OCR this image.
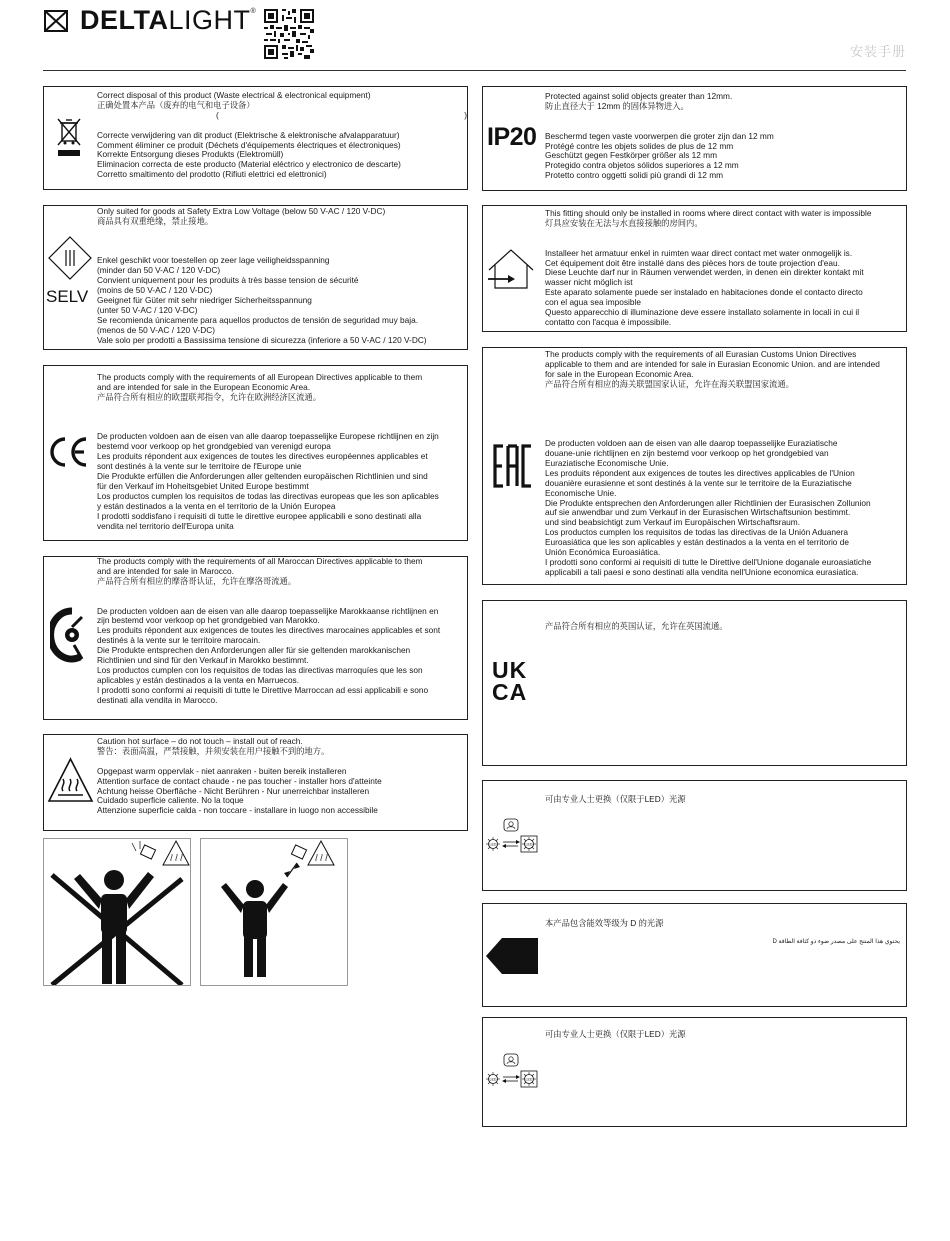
DELTALIGHT®
安装手册

Correct disposal of this product (Waste electrical & electronical equipment)

正确处置本产品（废弃的电气和电子设备）

(	)

Correcte verwijdering van dit product (Elektrische & elektronische afvalapparatuur)

Comment éliminer ce produit (Déchets d'équipements électriques et électroniques)

Korrekte Entsorgung dieses Produkts (Elektromüll)

Eliminacion correcta de este producto (Material eléctrico y electronico de descarte)

Corretto smaltimento del prodotto (Rifiuti elettrici ed elettronici)

SELV

Only suited for goods at Safety Extra Low Voltage (below 50 V-AC / 120 V-DC)

商品具有双重绝缘，禁止接地。

Enkel geschikt voor toestellen op zeer lage veiligheidsspanning

(minder dan 50 V-AC / 120 V-DC)

Convient uniquement pour les produits à très basse tension de sécurité

(moins de 50 V-AC / 120 V-DC)

Geeignet für Güter mit sehr niedriger Sicherheitsspannung

(unter 50 V-AC / 120 V-DC)

Se recomienda únicamente para aquellos productos de tensión de seguridad muy baja.

(menos de 50 V-AC / 120 V-DC)

Vale solo per prodotti a Bassissima tensione di sicurezza (inferiore a 50 V-AC / 120 V-DC)

The products comply with the requirements of all European Directives applicable to them

and are intended for sale in the European Economic Area.

产品符合所有相应的欧盟联邦指令，允许在欧洲经济区流通。

De producten voldoen aan de eisen van alle daarop toepasselijke Europese richtlijnen en zijn

bestemd voor verkoop op het grondgebied van verenigd europa

Les produits répondent aux exigences de toutes les directives européennes applicables et

sont destinés à la vente sur le territoire de l'Europe unie

Die Produkte erfüllen die Anforderungen aller geltenden europäischen Richtlinien und sind

für den Verkauf im Hoheitsgebiet United Europe bestimmt

Los productos cumplen los requisitos de todas las directivas europeas que les son aplicables

y están destinados a la venta en el territorio de la Unión Europea

I prodotti soddisfano i requisiti di tutte le direttive europee applicabili e sono destinati alla

vendita nel territorio dell'Europa unita

The products comply with the requirements of all Maroccan Directives applicable to them

and are intended for sale in Marocco.

产品符合所有相应的摩洛哥认证，允许在摩洛哥流通。

De producten voldoen aan de eisen van alle daarop toepasselijke Marokkaanse richtlijnen en

zijn bestemd voor verkoop op het grondgebied van Marokko.

Les produits répondent aux exigences de toutes les directives marocaines applicables et sont

destinés à la vente sur le territoire marocain.

Die Produkte entsprechen den Anforderungen aller für sie geltenden marokkanischen

Richtlinien und sind für den Verkauf in Marokko bestimmt.

Los productos cumplen con los requisitos de todas las directivas marroquíes que les son

aplicables y están destinados a la venta en Marruecos.

I prodotti sono conformi ai requisiti di tutte le Direttive Marroccan ad essi applicabili e sono

destinati alla vendita in Marocco.

Caution hot surface – do not touch – install out of reach.

警告：表面高温，严禁接触，并须安装在用户接触不到的地方。

Opgepast warm oppervlak - niet aanraken - buiten bereik installeren

Attention surface de contact chaude - ne pas toucher - installer hors d'atteinte

Achtung heisse Oberfläche - Nicht Berühren - Nur unerreichbar installeren

Cuidado superficie caliente. No la toque

Attenzione superficie calda - non toccare - installare in luogo non accessibile

IP20

Protected against solid objects greater than 12mm.

防止直径大于 12mm 的固体异物进入。

Beschermd tegen vaste voorwerpen die groter zijn dan 12 mm

Protégé contre les objets solides de plus de 12 mm

Geschützt gegen Festkörper größer als 12 mm

Protegido contra objetos sólidos superiores a 12 mm

Protetto contro oggetti solidi più grandi di 12 mm

This fitting should only be installed in rooms where direct contact with water is impossible

灯具应安装在无法与水直接接触的房间内。

Installeer het armatuur enkel in ruimten waar direct contact met water onmogelijk is.

Cet équipement doit être installé dans des pièces hors de toute projection d'eau.

Diese Leuchte darf nur in Räumen verwendet werden, in denen ein direkter kontakt mit

wasser nicht möglich ist

Este aparato solamente puede ser instalado en habitaciones donde el contacto directo

con el agua sea imposible

Questo apparecchio di illuminazione deve essere installato solamente in locali in cui il

contatto con l'acqua è impossibile.

The products comply with the requirements of all Eurasian Customs Union Directives

applicable to them and are intended for sale in Eurasian Economic Union. and are intended

for sale in the European Economic Area.

产品符合所有相应的海关联盟国家认证，允许在海关联盟国家流通。

De producten voldoen aan de eisen van alle daarop toepasselijke Euraziatische

douane-unie richtlijnen en zijn bestemd voor verkoop op het grondgebied van

Euraziatische Economische Unie.

Les produits répondent aux exigences de toutes les directives applicables de l'Union

douanière eurasienne et sont destinés à la vente sur le territoire de la Euraziatische

Economische Unie.

Die Produkte entsprechen den Anforderungen aller Richtlinien der Eurasischen Zollunion

auf sie anwendbar und zum Verkauf in der Eurasischen Wirtschaftsunion bestimmt.

und sind beabsichtigt zum Verkauf im Europäischen Wirtschaftsraum.

Los productos cumplen los requisitos de todas las directivas de la Unión Aduanera

Euroasiática que les son aplicables y están destinados a la venta en el territorio de

Unión Económica Euroasiática.

I prodotti sono conformi ai requisiti di tutte le Direttive dell'Unione doganale euroasiatiche

applicabili a tali paesi e sono destinati alla vendita nell'Unione economica eurasiatica.

产品符合所有相应的英国认证，允许在英国流通。

UK
CA

可由专业人士更换（仅限于LED）光源

LED	LED

本产品包含能效等级为 D 的光源

يحتوي هذا المنتج على مصدر ضوء ذو كثافة الطاقة D

可由专业人士更换（仅限于LED）光源

LED	LED
